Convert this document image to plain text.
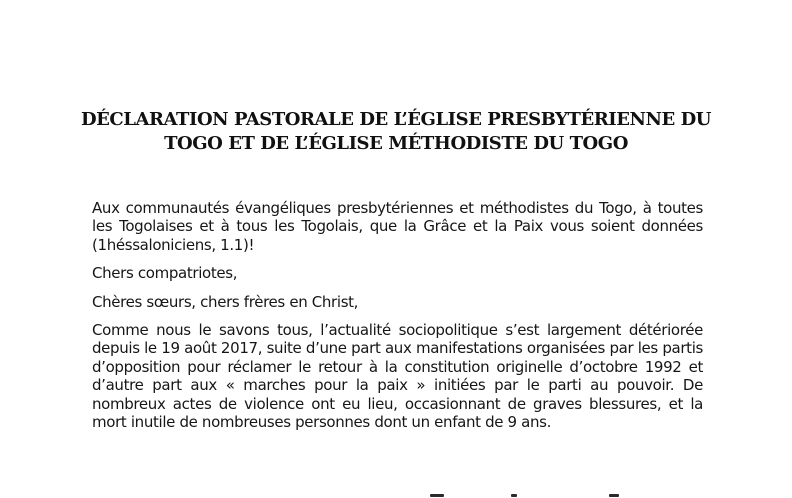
DÉCLARATION PASTORALE DE L’ÉGLISE PRESBYTÉRIENNE DU
TOGO ET DE L’ÉGLISE MÉTHODISTE DU TOGO

Aux communautés évangéliques presbytériennes et méthodistes du Togo, à toutes les Togolaises et à tous les Togolais, que la Grâce et la Paix vous soient données (1héssaloniciens, 1.1)!

Chers compatriotes,

Chères sœurs, chers frères en Christ,

Comme nous le savons tous, l’actualité sociopolitique s’est largement détériorée depuis le 19 août 2017, suite d’une part aux manifestations organisées par les partis d’opposition pour réclamer le retour à la constitution originelle d’octobre 1992 et d’autre part aux « marches pour la paix » initiées par le parti au pouvoir. De nombreux actes de violence ont eu lieu, occasionnant de graves blessures, et la mort inutile de nombreuses personnes dont un enfant de 9 ans.
